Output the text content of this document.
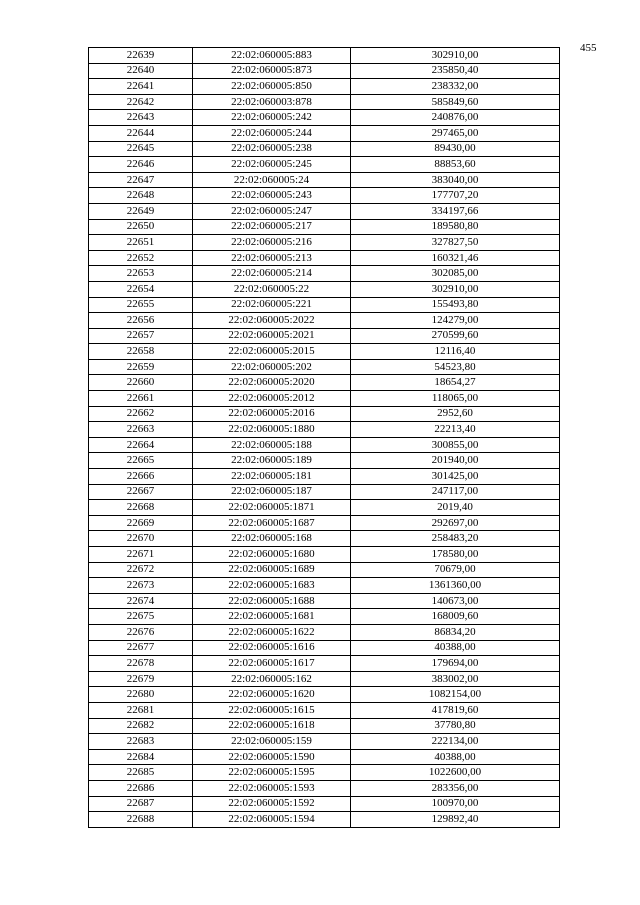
455
22639	22:02:060005:883	302910,00
22640	22:02:060005:873	235850,40
22641	22:02:060005:850	238332,00
22642	22:02:060003:878	585849,60
22643	22:02:060005:242	240876,00
22644	22:02:060005:244	297465,00
22645	22:02:060005:238	89430,00
22646	22:02:060005:245	88853,60
22647	22:02:060005:24	383040,00
22648	22:02:060005:243	177707,20
22649	22:02:060005:247	334197,66
22650	22:02:060005:217	189580,80
22651	22:02:060005:216	327827,50
22652	22:02:060005:213	160321,46
22653	22:02:060005:214	302085,00
22654	22:02:060005:22	302910,00
22655	22:02:060005:221	155493,80
22656	22:02:060005:2022	124279,00
22657	22:02:060005:2021	270599,60
22658	22:02:060005:2015	12116,40
22659	22:02:060005:202	54523,80
22660	22:02:060005:2020	18654,27
22661	22:02:060005:2012	118065,00
22662	22:02:060005:2016	2952,60
22663	22:02:060005:1880	22213,40
22664	22:02:060005:188	300855,00
22665	22:02:060005:189	201940,00
22666	22:02:060005:181	301425,00
22667	22:02:060005:187	247117,00
22668	22:02:060005:1871	2019,40
22669	22:02:060005:1687	292697,00
22670	22:02:060005:168	258483,20
22671	22:02:060005:1680	178580,00
22672	22:02:060005:1689	70679,00
22673	22:02:060005:1683	1361360,00
22674	22:02:060005:1688	140673,00
22675	22:02:060005:1681	168009,60
22676	22:02:060005:1622	86834,20
22677	22:02:060005:1616	40388,00
22678	22:02:060005:1617	179694,00
22679	22:02:060005:162	383002,00
22680	22:02:060005:1620	1082154,00
22681	22:02:060005:1615	417819,60
22682	22:02:060005:1618	37780,80
22683	22:02:060005:159	222134,00
22684	22:02:060005:1590	40388,00
22685	22:02:060005:1595	1022600,00
22686	22:02:060005:1593	283356,00
22687	22:02:060005:1592	100970,00
22688	22:02:060005:1594	129892,40
